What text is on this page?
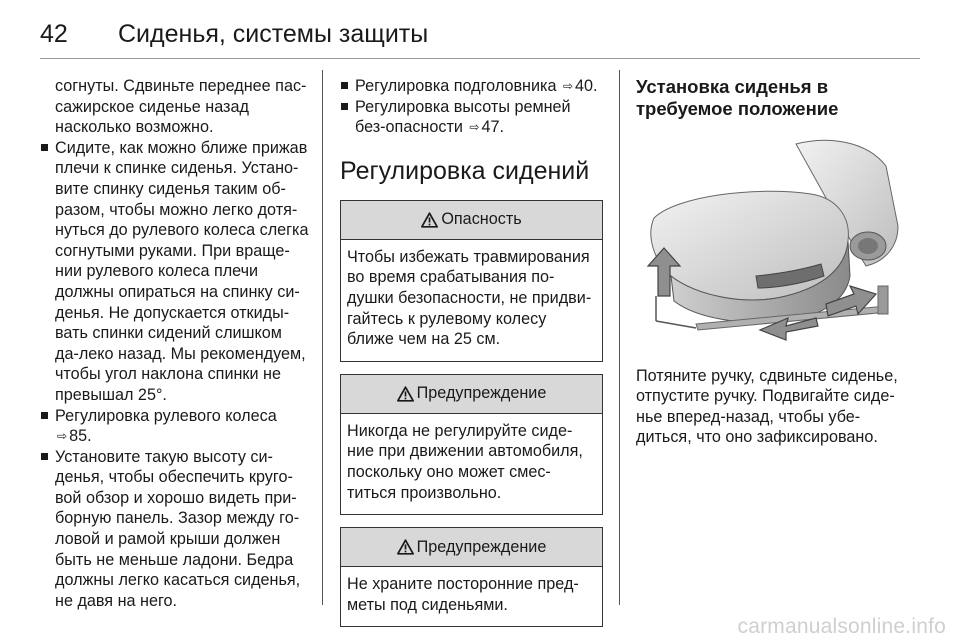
42	Сиденья, системы защиты

согнуты. Сдвиньте переднее пас-сажирское сиденье назад насколько возможно.

Сидите, как можно ближе прижав плечи к спинке сиденья. Устано-вите спинку сиденья таким об-разом, чтобы можно легко дотя-нуться до рулевого колеса слегка согнутыми руками. При враще-нии рулевого колеса плечи должны опираться на спинку си-денья. Не допускается откиды-вать спинки сидений слишком да-леко назад. Мы рекомендуем, чтобы угол наклона спинки не превышал 25°.
Регулировка рулевого колеса
⇨ 85.
Установите такую высоту си-денья, чтобы обеспечить круго-вой обзор и хорошо видеть при-борную панель. Зазор между го-ловой и рамой крыши должен быть не меньше ладони. Бедра должны легко касаться сиденья, не давя на него.
Регулировка подголовника ⇨ 40.
Регулировка высоты ремней без-опасности ⇨ 47.
Регулировка сидений
Опасность
Чтобы избежать травмирования во время срабатывания по-душки безопасности, не придви-гайтесь к рулевому колесу ближе чем на 25 см.
Предупреждение
Никогда не регулируйте сиде-ние при движении автомобиля, поскольку оно может смес-титься произвольно.
Предупреждение
Не храните посторонние пред-меты под сиденьями.
Установка сиденья в требуемое положение

Потяните ручку, сдвиньте сиденье, отпустите ручку. Подвигайте сиде-нье вперед-назад, чтобы убе-диться, что оно зафиксировано.

carmanualsonline.info
